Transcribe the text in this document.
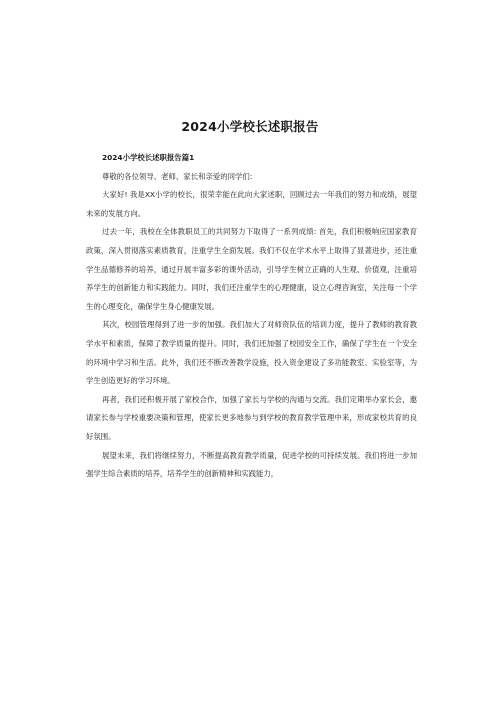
2024小学校长述职报告

2024小学校长述职报告篇1

尊敬的各位领导、老师、家长和亲爱的同学们:

大家好! 我是XX小学的校长，很荣幸能在此向大家述职，回顾过去一年我们的努力和成绩，展望未来的发展方向。

过去一年，我校在全体教职员工的共同努力下取得了一系列成绩: 首先，我们积极响应国家教育政策，深入贯彻落实素质教育，注重学生全面发展。我们不仅在学术水平上取得了显著进步，还注重学生品德修养的培养，通过开展丰富多彩的课外活动，引导学生树立正确的人生观、价值观，注重培养学生的创新能力和实践能力。同时，我们还注重学生的心理健康，设立心理咨询室，关注每一个学生的心理变化，确保学生身心健康发展。

其次，校园管理得到了进一步的加强。我们加大了对师资队伍的培训力度，提升了教师的教育教学水平和素质，保障了教学质量的提升。同时，我们还加强了校园安全工作，确保了学生在一个安全的环境中学习和生活。此外，我们还不断改善教学设施，投入资金建设了多功能教室、实验室等，为学生创造更好的学习环境。

再者，我们还积极开展了家校合作，加强了家长与学校的沟通与交流。我们定期举办家长会，邀请家长参与学校重要决策和管理，使家长更多地参与到学校的教育教学管理中来，形成家校共育的良好氛围。

展望未来，我们将继续努力，不断提高教育教学质量，促进学校的可持续发展。我们将进一步加强学生综合素质的培养，培养学生的创新精神和实践能力，
